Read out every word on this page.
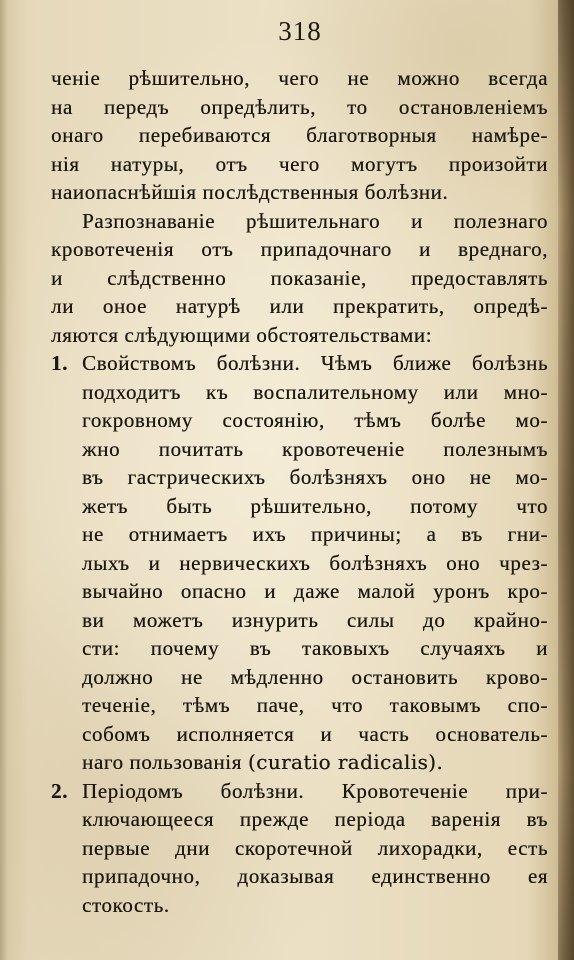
318
ченіе рѣшительно, чего не можно всегда
на передъ опредѣлить, то остановленіемъ
онаго перебиваются благотворныя намѣре-
нія натуры, отъ чего могутъ произойти
наиопаснѣйшія послѣдственныя болѣзни.
Разпознаваніе рѣшительнаго и полезнаго
кровотеченія отъ припадочнаго и вреднаго,
и слѣдственно показаніе, предоставлять
ли оное натурѣ или прекратить, опредѣ-
ляются слѣдующими обстоятельствами:
1. Свойствомъ болѣзни. Чѣмъ ближе болѣзнь
подходитъ къ воспалительному или мно-
гокровному состоянію, тѣмъ болѣе мо-
жно почитать кровотеченіе полезнымъ
въ гастрическихъ болѣзняхъ оно не мо-
жетъ быть рѣшительно, потому что
не отнимаетъ ихъ причины; а въ гни-
лыхъ и нервическихъ болѣзняхъ оно чрез-
вычайно опасно и даже малой уронъ кро-
ви можетъ изнурить силы до крайно-
сти: почему въ таковыхъ случаяхъ и
должно не мѣдленно остановить крово-
теченіе, тѣмъ паче, что таковымъ спо-
собомъ исполняется и часть основатель-
наго пользованія (curatio radicalis).
2. Періодомъ болѣзни. Кровотеченіе при-
ключающееся прежде періода варенія въ
первые дни скоротечной лихорадки, есть
припадочно, доказывая единственно ея
стокость.
